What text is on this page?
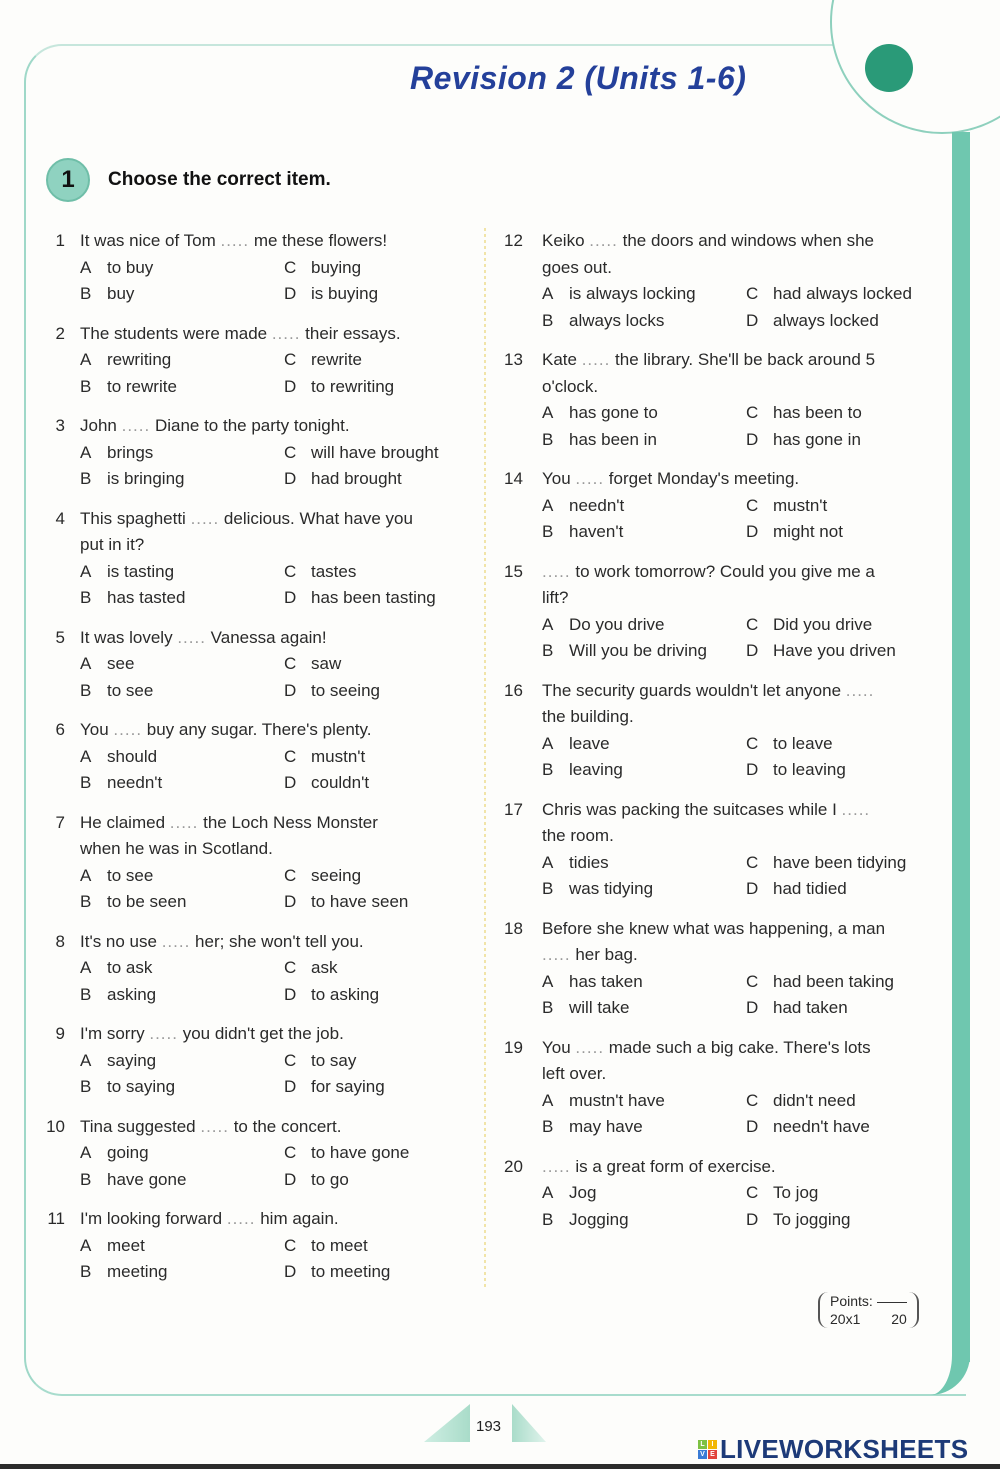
Revision 2 (Units 1-6)
1	Choose the correct item.
1 It was nice of Tom ..... me these flowers!
A to buy	C buying
B buy	D is buying
2 The students were made ..... their essays.
A rewriting	C rewrite
B to rewrite	D to rewriting
3 John ..... Diane to the party tonight.
A brings	C will have brought
B is bringing	D had brought
4 This spaghetti ..... delicious. What have you
put in it?
A is tasting	C tastes
B has tasted	D has been tasting
5 It was lovely ..... Vanessa again!
A see	C saw
B to see	D to seeing
6 You ..... buy any sugar. There's plenty.
A should	C mustn't
B needn't	D couldn't
7 He claimed ..... the Loch Ness Monster
when he was in Scotland.
A to see	C seeing
B to be seen	D to have seen
8 It's no use ..... her; she won't tell you.
A to ask	C ask
B asking	D to asking
9 I'm sorry ..... you didn't get the job.
A saying	C to say
B to saying	D for saying
10 Tina suggested ..... to the concert.
A going	C to have gone
B have gone	D to go
11 I'm looking forward ..... him again.
A meet	C to meet
B meeting	D to meeting
12 Keiko ..... the doors and windows when she
goes out.
A is always locking	C had always locked
B always locks	D always locked
13 Kate ..... the library. She'll be back around 5
o'clock.
A has gone to	C has been to
B has been in	D has gone in
14 You ..... forget Monday's meeting.
A needn't	C mustn't
B haven't	D might not
15 ..... to work tomorrow? Could you give me a
lift?
A Do you drive	C Did you drive
B Will you be driving D Have you driven
16 The security guards wouldn't let anyone .....
the building.
A leave	C to leave
B leaving	D to leaving
17 Chris was packing the suitcases while I .....
the room.
A tidies	C have been tidying
B was tidying	D had tidied
18 Before she knew what was happening, a man
..... her bag.
A has taken	C had been taking
B will take	D had taken
19 You ..... made such a big cake. There's lots
left over.
A mustn't have	C didn't need
B may have	D needn't have
20 ..... is a great form of exercise.
A Jog	C To jog
B Jogging	D To jogging
Points:
20x1 20
193
L I
V E LIVEWORKSHEETS
